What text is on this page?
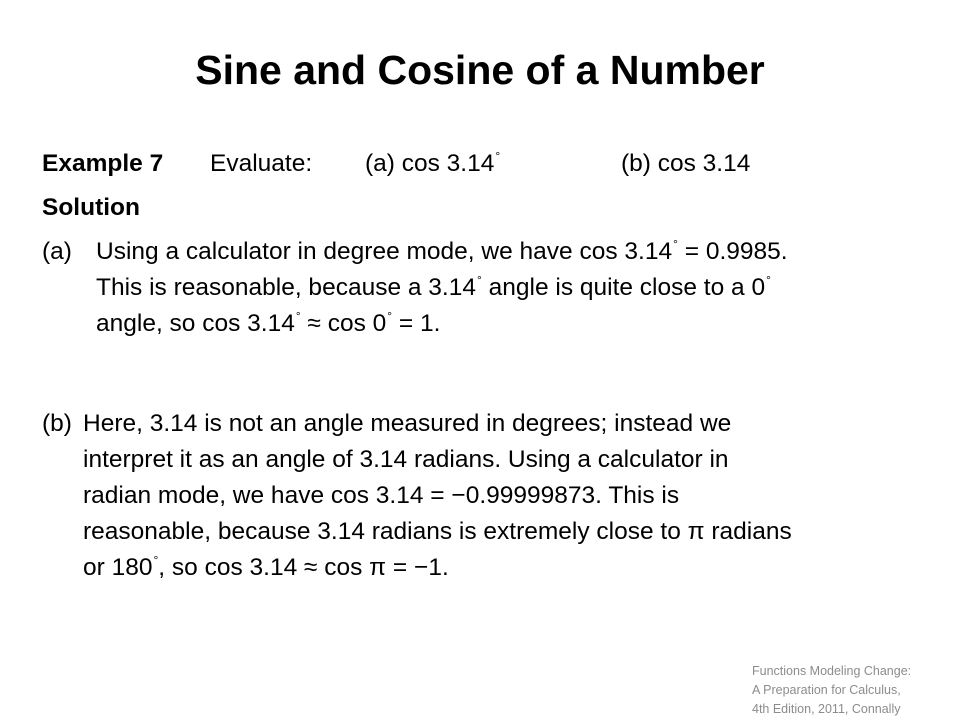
Sine and Cosine of a Number
Example 7 Evaluate: (a) cos 3.14°	(b) cos 3.14
Solution
(a) Using a calculator in degree mode, we have cos 3.14° = 0.9985.
This is reasonable, because a 3.14° angle is quite close to a 0°
angle, so cos 3.14° ≈ cos 0° = 1.
(b) Here, 3.14 is not an angle measured in degrees; instead we
interpret it as an angle of 3.14 radians. Using a calculator in
radian mode, we have cos 3.14 = −0.99999873. This is
reasonable, because 3.14 radians is extremely close to π radians
or 180°, so cos 3.14 ≈ cos π = −1.
Functions Modeling Change:
A Preparation for Calculus,
4th Edition, 2011, Connally
